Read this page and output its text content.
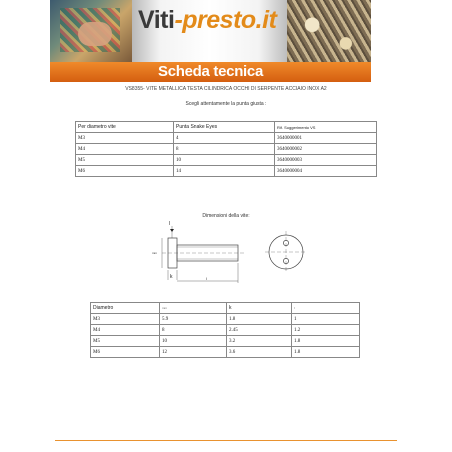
Viti-presto.it
Scheda tecnica
VS8355- VITE METALLICA TESTA CILINDRICA OCCHI DI SERPENTE ACCIAIO INOX A2
Scegli attentamente la punta giusta :
Per diametro vite	Punta Snake Eyes	Rif. Suggerimento VS
M3	4	3640000001
M4	8	3640000002
M5	10	3640000003
M6	14	3640000004
Dimensioni della vite:
l
mm
k	l
Diametro	mm	k	l
M3	5.9	1.8	1
M4	8	2.45	1.2
M5	10	3.2	1.8
M6	12	3.6	1.8
